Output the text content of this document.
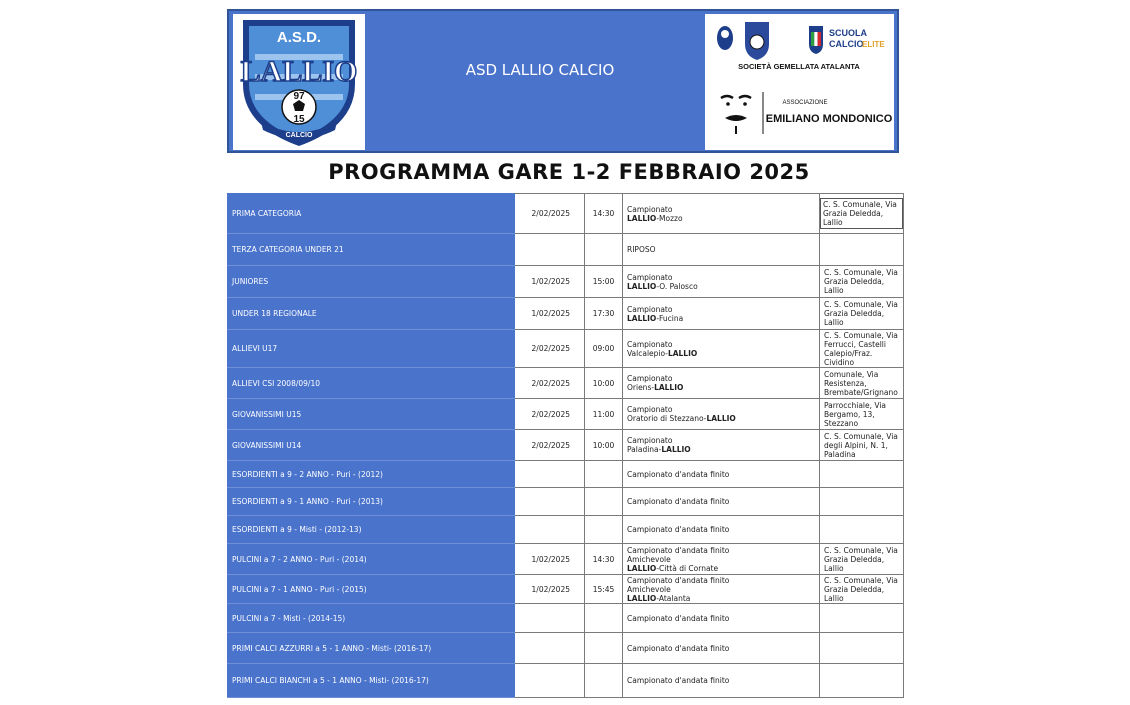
A.S.D.
LALLIO
97
15
CALCIO
ASD LALLIO CALCIO
SCUOLA
CALCIO
ELITE
SOCIETÀ GEMELLATA ATALANTA
ASSOCIAZIONE
EMILIANO MONDONICO
PROGRAMMA GARE 1-2 FEBBRAIO 2025
PRIMA CATEGORIA	2/02/2025	14:30	Campionato
LALLIO-Mozzo	C. S. Comunale, Via Grazia Deledda, Lallio

TERZA CATEGORIA UNDER 21			RIPOSO	

JUNIORES	1/02/2025	15:00	Campionato
LALLIO-O. Palosco	C. S. Comunale, Via Grazia Deledda, Lallio

UNDER 18 REGIONALE	1/02/2025	17:30	Campionato
LALLIO-Fucina	C. S. Comunale, Via Grazia Deledda, Lallio

ALLIEVI U17	2/02/2025	09:00	Campionato
Valcalepio-LALLIO	C. S. Comunale, Via Ferrucci, Castelli Calepio/Fraz. Cividino

ALLIEVI CSI 2008/09/10	2/02/2025	10:00	Campionato
Oriens-LALLIO	Comunale, Via Resistenza, Brembate/Grignano

GIOVANISSIMI U15	2/02/2025	11:00	Campionato
Oratorio di Stezzano-LALLIO	Parrocchiale, Via Bergamo, 13, Stezzano

GIOVANISSIMI U14	2/02/2025	10:00	Campionato
Paladina-LALLIO	C. S. Comunale, Via degli Alpini, N. 1, Paladina

ESORDIENTI a 9 - 2 ANNO - Puri - (2012)			Campionato d'andata finito	

ESORDIENTI a 9 - 1 ANNO - Puri - (2013)			Campionato d'andata finito	

ESORDIENTI a 9 - Misti - (2012-13)			Campionato d'andata finito	

PULCINI a 7 - 2 ANNO - Puri - (2014)	1/02/2025	14:30	Campionato d'andata finito
Amichevole
LALLIO-Città di Cornate	C. S. Comunale, Via Grazia Deledda, Lallio

PULCINI a 7 - 1 ANNO - Puri - (2015)	1/02/2025	15:45	Campionato d'andata finito
Amichevole
LALLIO-Atalanta	C. S. Comunale, Via Grazia Deledda, Lallio

PULCINI a 7 - Misti - (2014-15)			Campionato d'andata finito	

PRIMI CALCI AZZURRI a 5 - 1 ANNO - Misti- (2016-17)			Campionato d'andata finito	

PRIMI CALCI BIANCHI a 5 - 1 ANNO - Misti- (2016-17)			Campionato d'andata finito	
